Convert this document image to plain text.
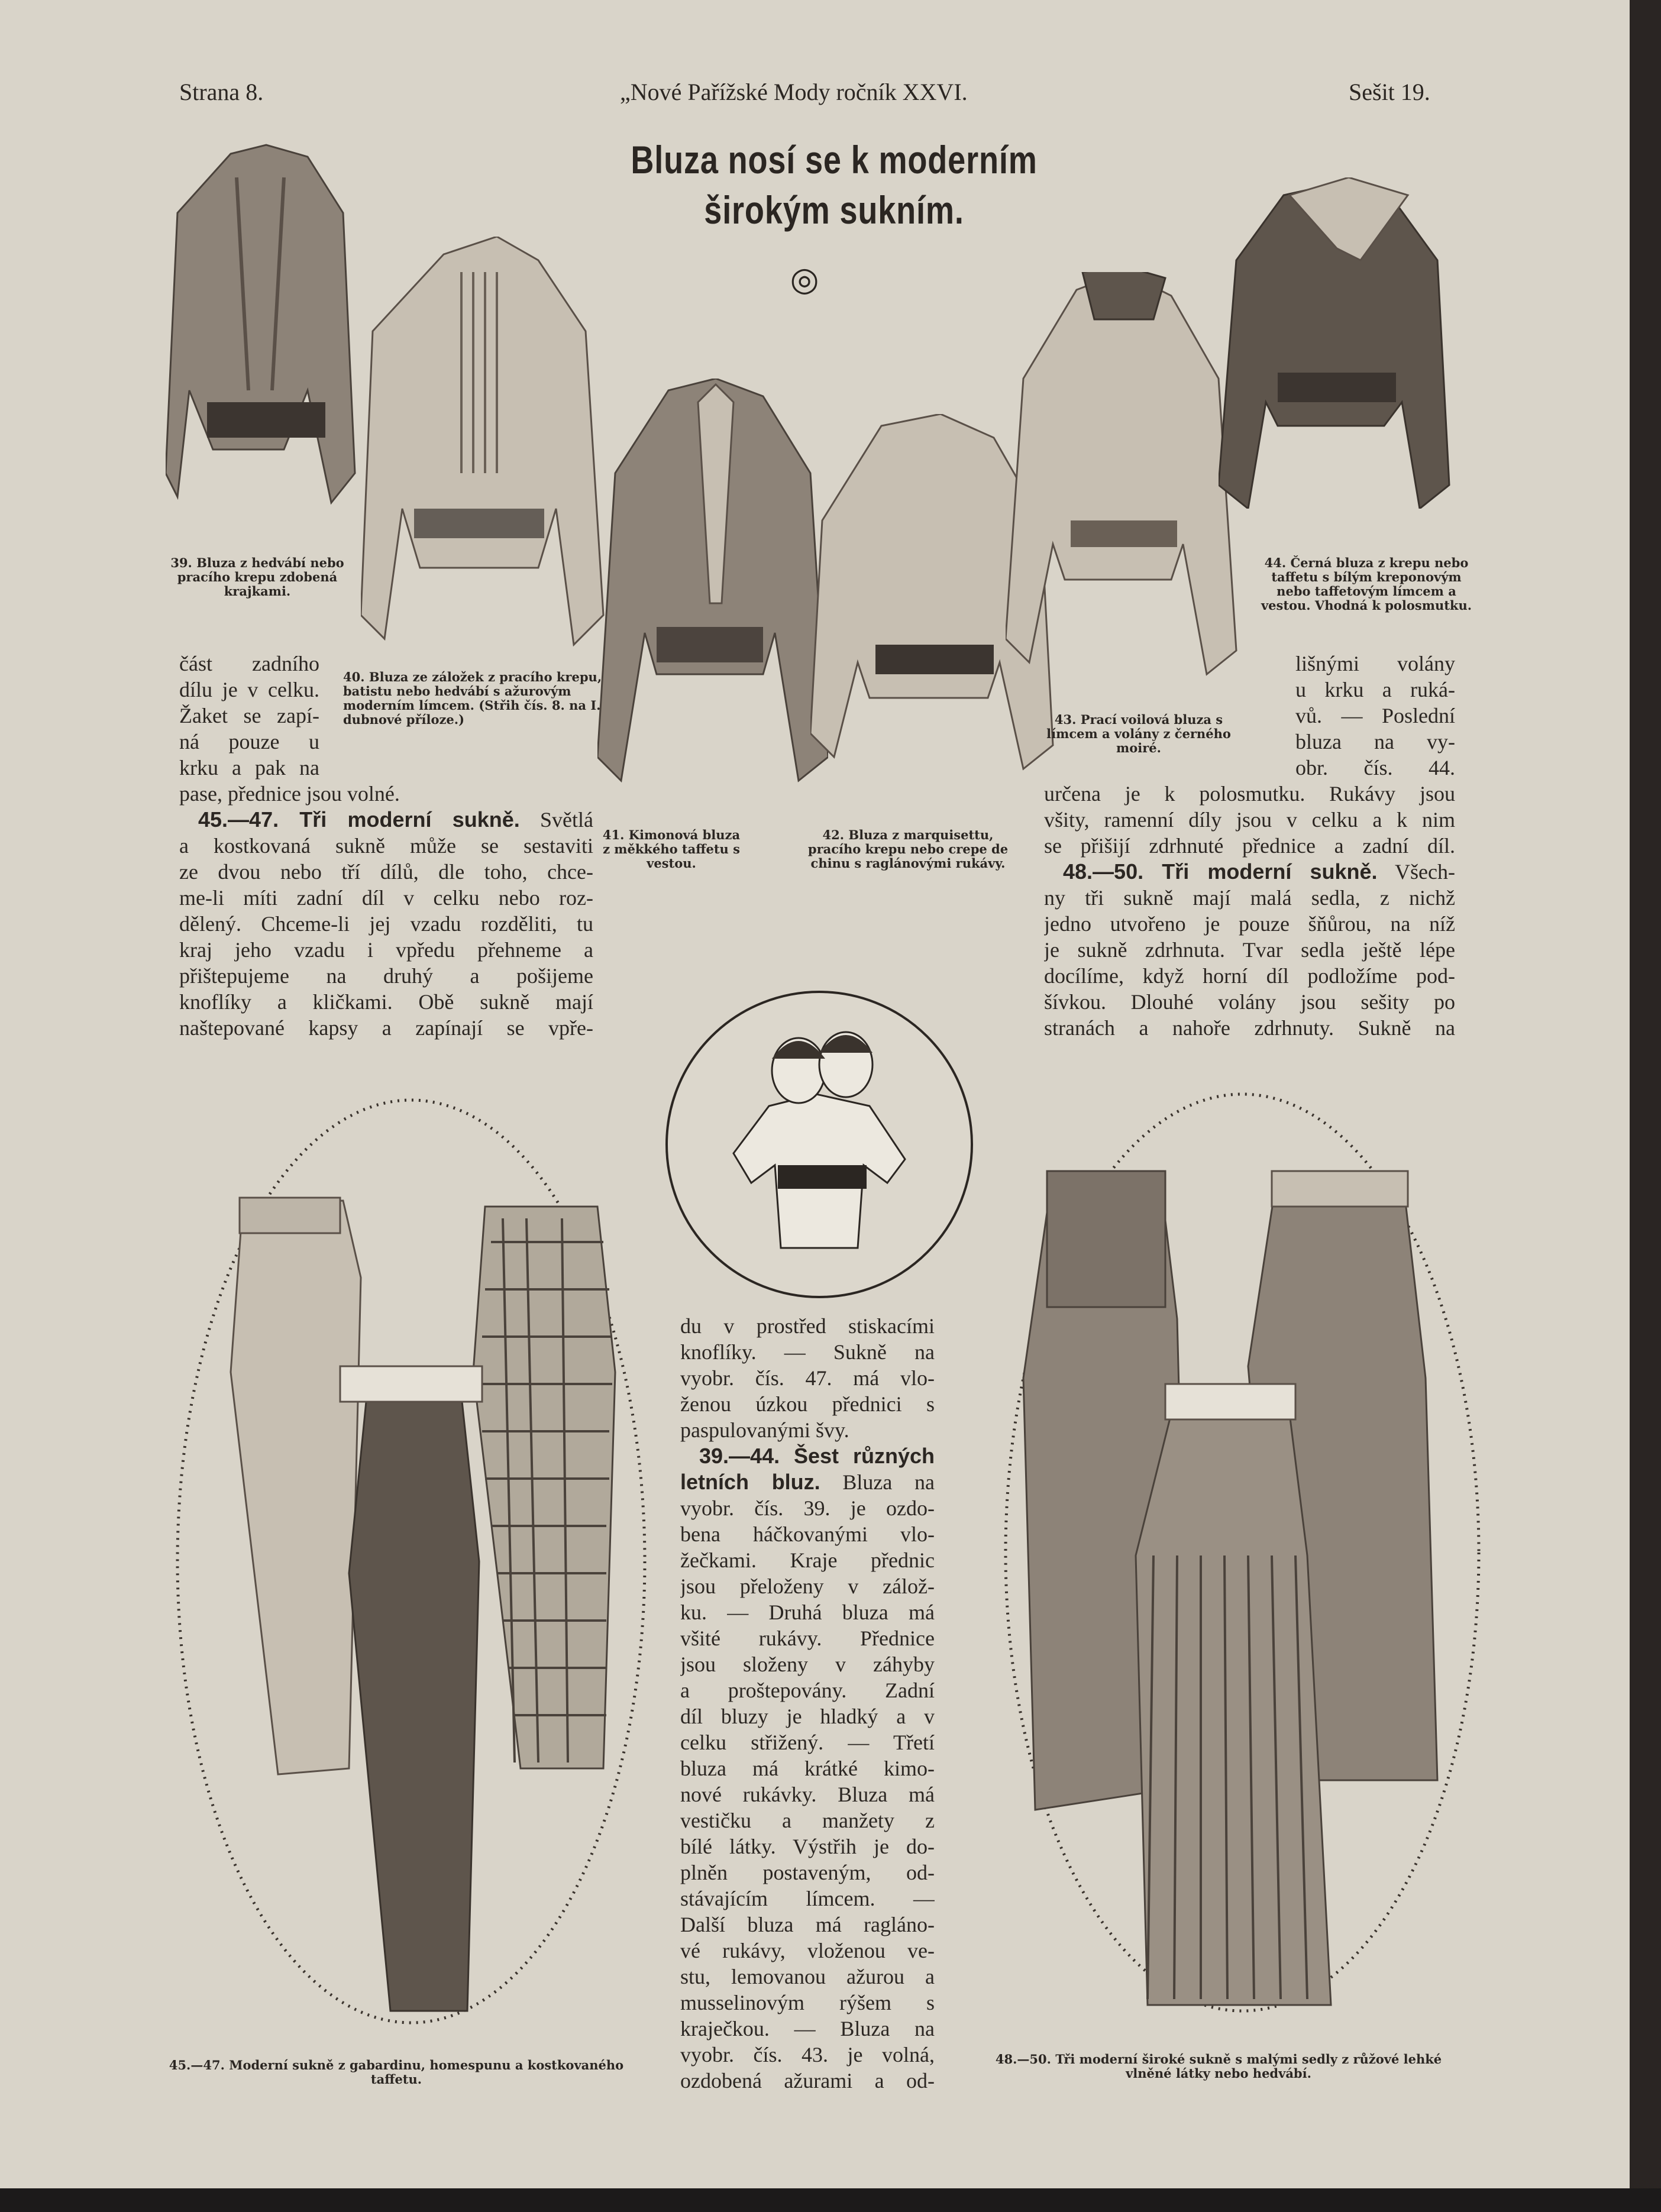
Strana 8.	„Nové Pařížské Mody ročník XXVI.	Sešit 19.
Bluza nosí se k moderním
širokým sukním.
◎
39. Bluza z hedvábí nebo pracího krepu zdobená krajkami.
40. Bluza ze záložek z pracího krepu, batistu nebo hedvábí s ažurovým moderním límcem. (Střih čís. 8. na I. dubnové příloze.)
41. Kimonová bluza z měkkého taffetu s vestou.
42. Bluza z marquisettu, pracího krepu nebo crepe de chinu s raglánovými rukávy.
43. Prací voilová bluza s límcem a volány z černého moiré.
44. Černá bluza z krepu nebo taffetu s bílým kreponovým nebo taffetovým límcem a vestou. Vhodná k polosmutku.
část zadního
dílu je v celku.
Žaket se zapí-
ná pouze u
krku a pak na
pase, přednice jsou volné.
45.—47. Tři moderní sukně. Světlá
a kostkovaná sukně může se sestaviti
ze dvou nebo tří dílů, dle toho, chce-
me-li míti zadní díl v celku nebo roz-
dělený. Chceme-li jej vzadu rozděliti, tu
kraj jeho vzadu i vpředu přehneme a
přištepujeme na druhý a pošijeme
knoflíky a kličkami. Obě sukně mají
naštepované kapsy a zapínají se vpře-
lišnými volány
u krku a ruká-
vů. — Poslední
bluza na vy-
obr. čís. 44.
určena je k polosmutku. Rukávy jsou
všity, ramenní díly jsou v celku a k nim
se přišijí zdrhnuté přednice a zadní díl.
48.—50. Tři moderní sukně. Všech-
ny tři sukně mají malá sedla, z nichž
jedno utvořeno je pouze šňůrou, na níž
je sukně zdrhnuta. Tvar sedla ještě lépe
docílíme, když horní díl podložíme pod-
šívkou. Dlouhé volány jsou sešity po
stranách a nahoře zdrhnuty. Sukně na
du v prostřed stiskacími
knoflíky. — Sukně na
vyobr. čís. 47. má vlo-
ženou úzkou přednici s
paspulovanými švy.
39.—44. Šest různých
letních bluz. Bluza na
vyobr. čís. 39. je ozdo-
bena háčkovanými vlo-
žečkami. Kraje přednic
jsou přeloženy v zálož-
ku. — Druhá bluza má
všité rukávy. Přednice
jsou složeny v záhyby
a proštepovány. Zadní
díl bluzy je hladký a v
celku střižený. — Třetí
bluza má krátké kimo-
nové rukávky. Bluza má
vestičku a manžety z
bílé látky. Výstřih je do-
plněn postaveným, od-
stávajícím límcem. —
Další bluza má ragláno-
vé rukávy, vloženou ve-
stu, lemovanou ažurou a
musselinovým rýšem s
kraječkou. — Bluza na
vyobr. čís. 43. je volná,
ozdobená ažurami a od-
45.—47. Moderní sukně z gabardinu, homespunu a kostkovaného taffetu.
48.—50. Tři moderní široké sukně s malými sedly z růžové lehké vlněné látky nebo hedvábí.
